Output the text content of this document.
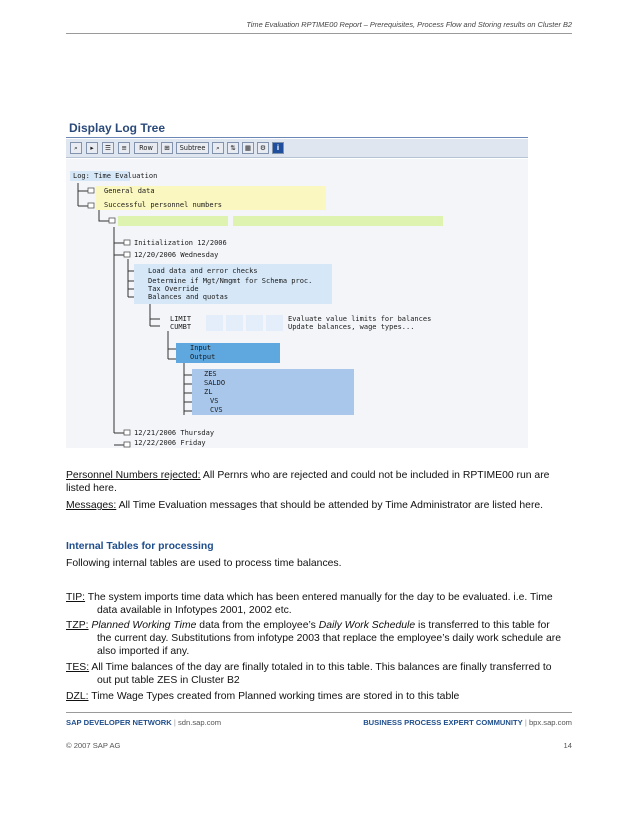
Time Evaluation RPTIME00 Report – Prerequisites, Process Flow and Storing results on Cluster B2
Display Log Tree
⌕	▸	☰	≡	Row	⊞	Subtree	⌕	⇅	▦	⚙	i
Log: Time Evaluation
General data
Successful personnel numbers
Initialization 12/2006
12/20/2006 Wednesday
Load data and error checks
Determine if Mgt/Nmgmt for Schema proc.
Tax Override
Balances and quotas
LIMIT
CUMBT
Evaluate value limits for balances
Update balances, wage types...
Input
Output
ZES
SALDO
ZL
VS
CVS
12/21/2006 Thursday
12/22/2006 Friday
Personnel Numbers rejected: All Pernrs who are rejected and could not be included in RPTIME00 run are listed here.
Messages: All Time Evaluation messages that should be attended by Time Administrator are listed here.
Internal Tables for processing
Following internal tables are used to process time balances.
TIP: The system imports time data which has been entered manually for the day to be evaluated. i.e. Time
data available in Infotypes 2001, 2002 etc.
TZP: Planned Working Time data from the employee’s Daily Work Schedule is transferred to this table for
the current day. Substitutions from infotype 2003 that replace the employee’s daily work schedule are
also imported if any.
TES: All Time balances of the day are finally totaled in to this table. This balances are finally transferred to
out put table ZES in Cluster B2
DZL: Time Wage Types created from Planned working times are stored in to this table
SAP DEVELOPER NETWORK | sdn.sap.com	BUSINESS PROCESS EXPERT COMMUNITY | bpx.sap.com
© 2007 SAP AG	14
